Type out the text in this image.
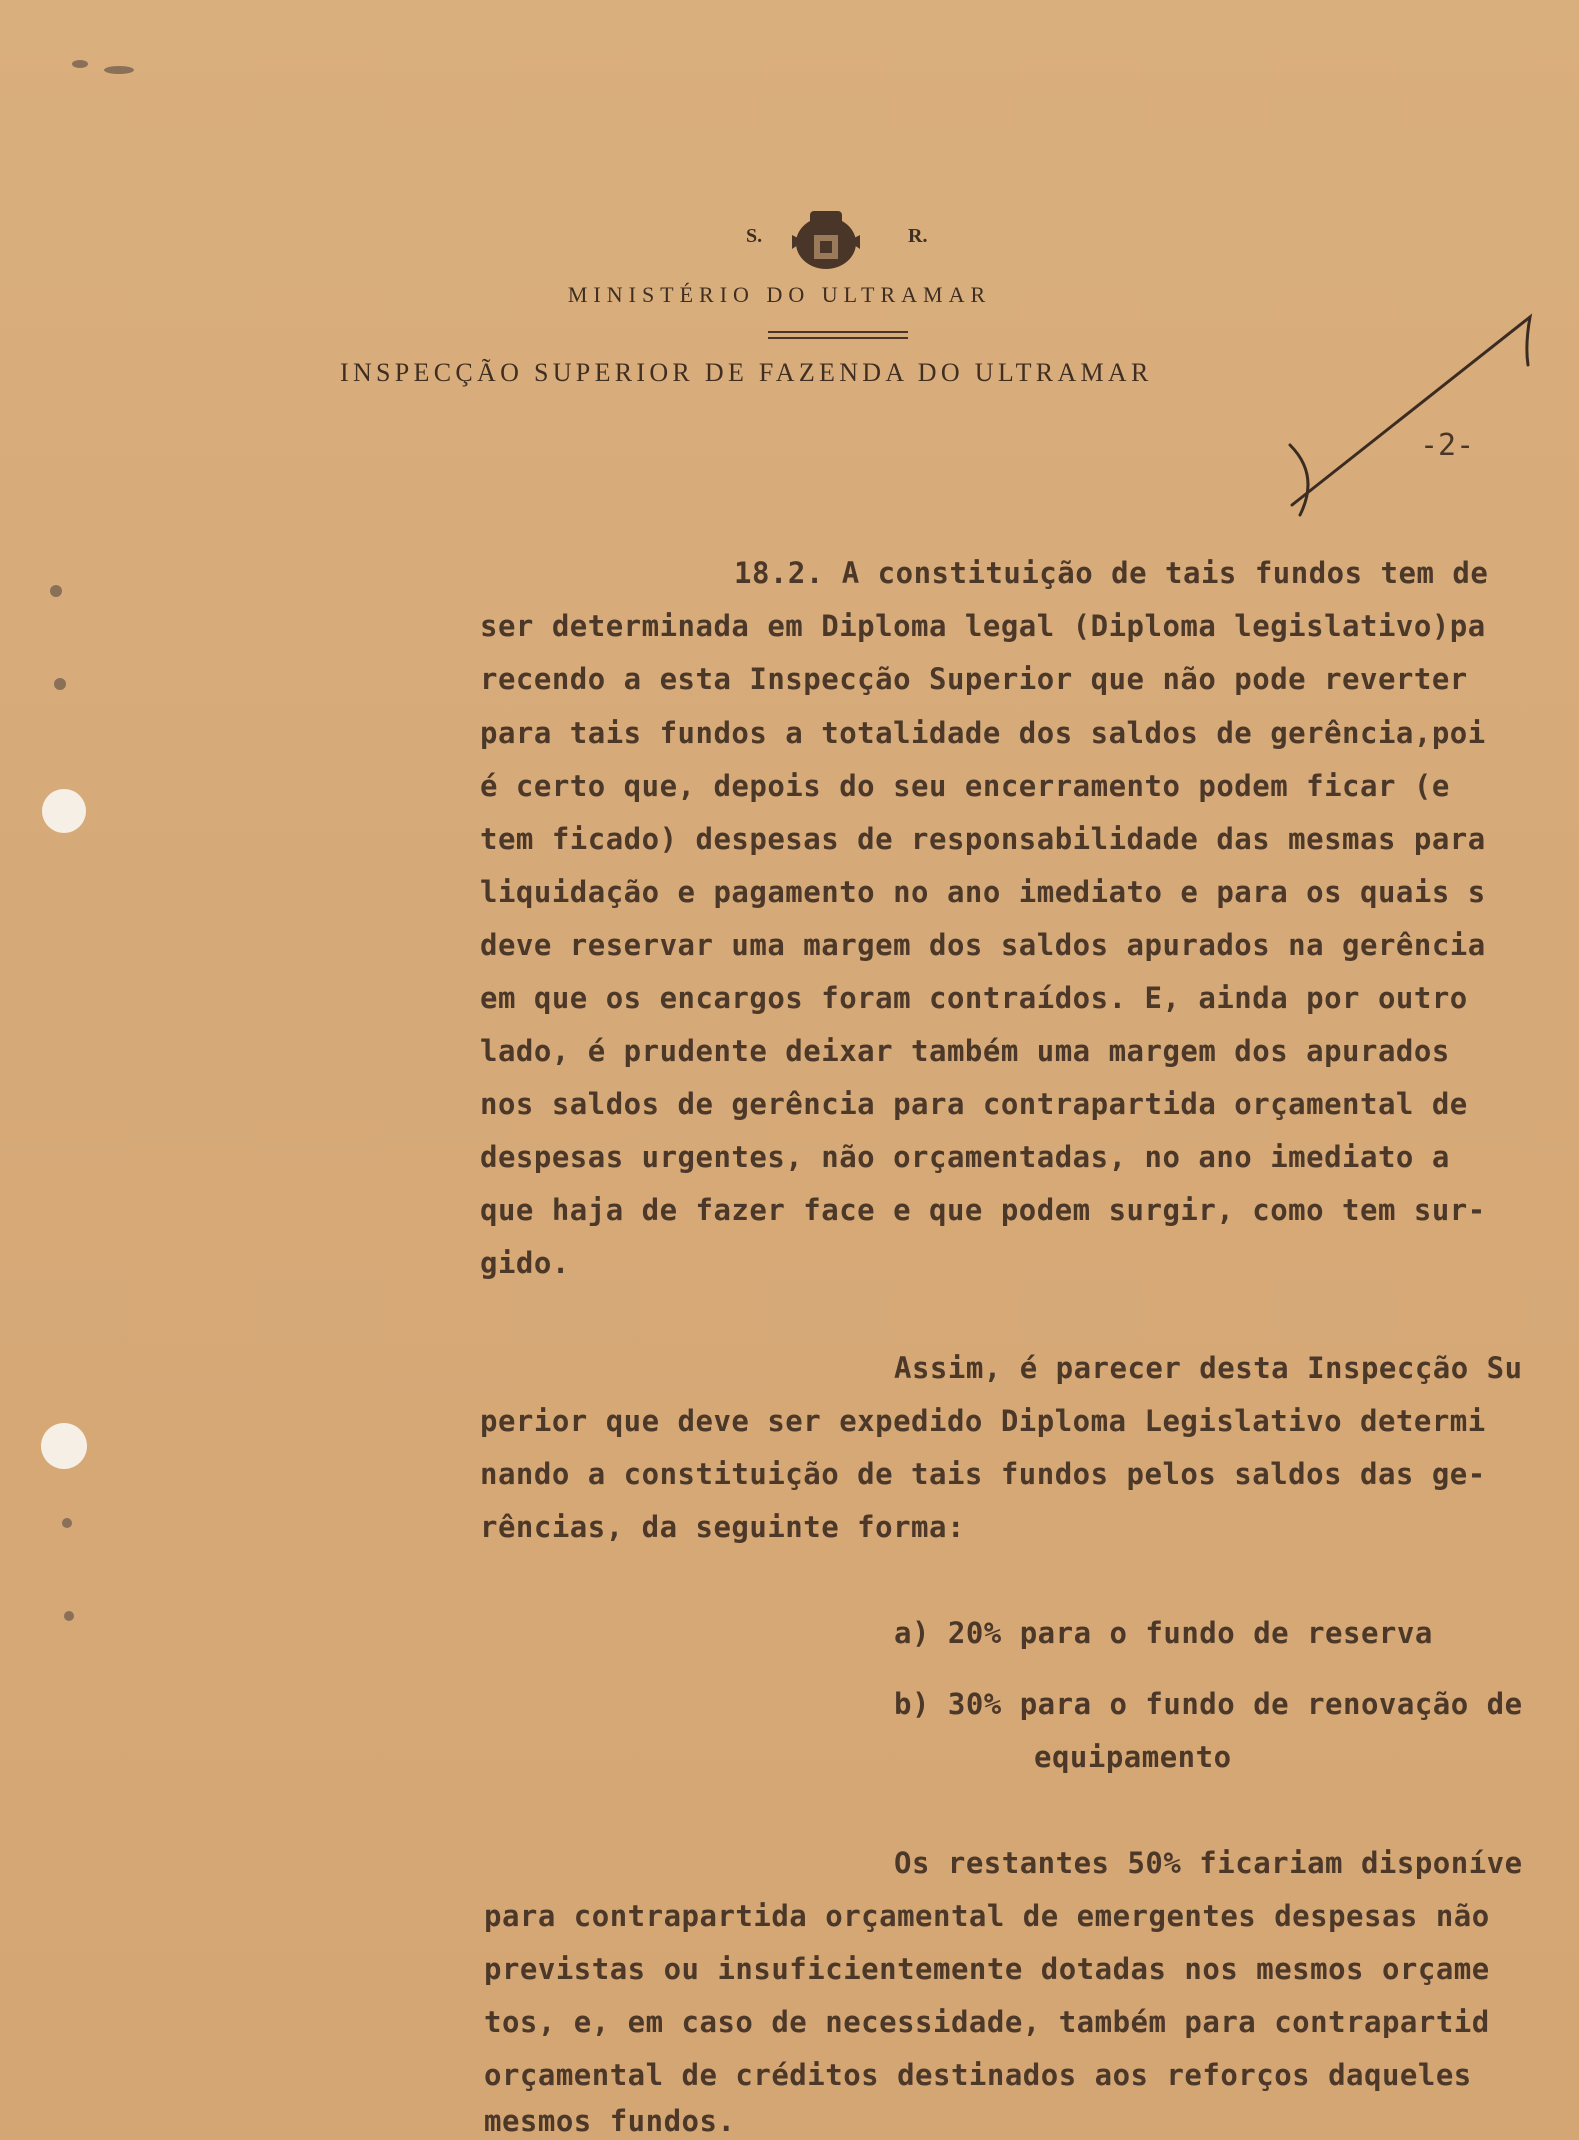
S.	R.
MINISTÉRIO DO ULTRAMAR
INSPECÇÃO SUPERIOR DE FAZENDA DO ULTRAMAR
-2-
18.2. A constituição de tais fundos tem de
ser determinada em Diploma legal (Diploma legislativo)pa
recendo a esta Inspecção Superior que não pode reverter
para tais fundos a totalidade dos saldos de gerência,poi
é certo que, depois do seu encerramento podem ficar (e
tem ficado) despesas de responsabilidade das mesmas para
liquidação e pagamento no ano imediato e para os quais s
deve reservar uma margem dos saldos apurados na gerência
em que os encargos foram contraídos. E, ainda por outro
lado, é prudente deixar também uma margem dos apurados
nos saldos de gerência para contrapartida orçamental de
despesas urgentes, não orçamentadas, no ano imediato a
que haja de fazer face e que podem surgir, como tem sur-
gido.
Assim, é parecer desta Inspecção Su
perior que deve ser expedido Diploma Legislativo determi
nando a constituição de tais fundos pelos saldos das ge-
rências, da seguinte forma:
a) 20% para o fundo de reserva
b) 30% para o fundo de renovação de
equipamento
Os restantes 50% ficariam disponíve
para contrapartida orçamental de emergentes despesas não
previstas ou insuficientemente dotadas nos mesmos orçame
tos, e, em caso de necessidade, também para contrapartid
orçamental de créditos destinados aos reforços daqueles
mesmos fundos.
